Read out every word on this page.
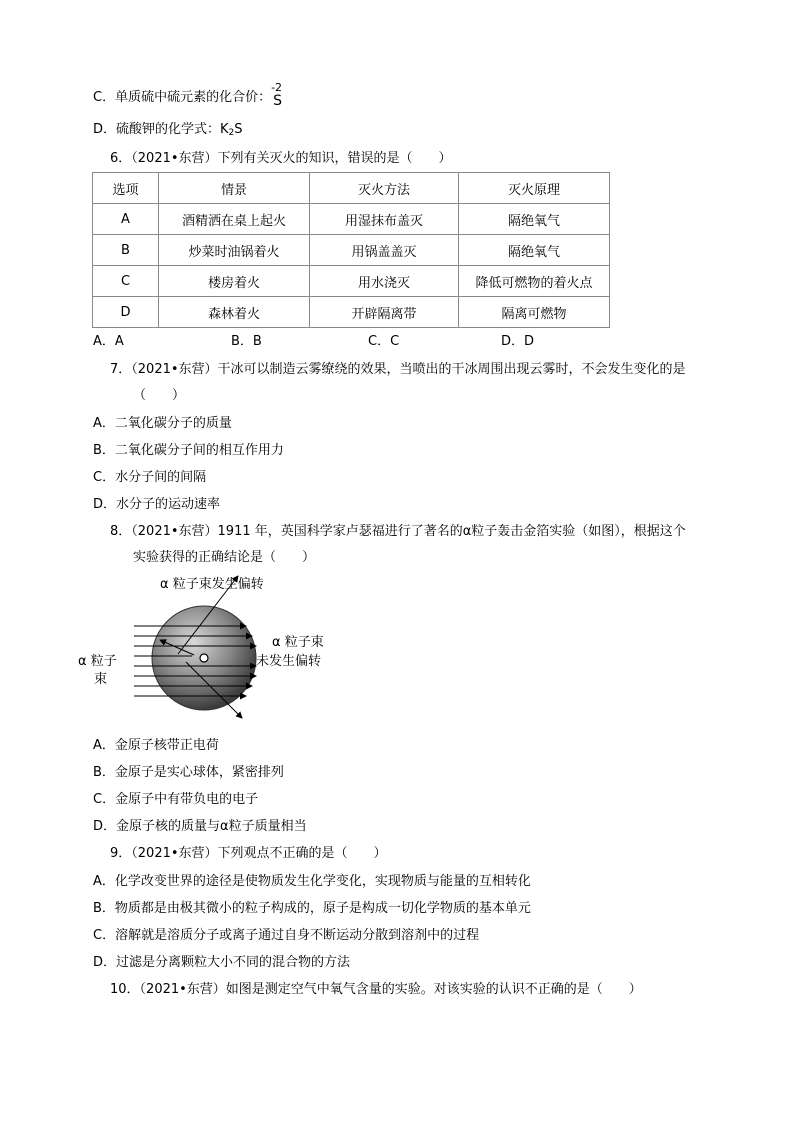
C．单质硫中硫元素的化合价：
-2
S
D．硫酸钾的化学式：$K_2S$
6．（2021•东营）下列有关灭火的知识，错误的是（　　）
选项	情景	灭火方法	灭火原理
A	酒精洒在桌上起火	用湿抹布盖灭	隔绝氧气
B	炒菜时油锅着火	用锅盖盖灭	隔绝氧气
C	楼房着火	用水浇灭	降低可燃物的着火点
D	森林着火	开辟隔离带	隔离可燃物
A．A	B．B	C．C	D．D
7．（2021•东营）干冰可以制造云雾缭绕的效果，当喷出的干冰周围出现云雾时，不会发生变化的是
（　　）
A．二氧化碳分子的质量
B．二氧化碳分子间的相互作用力
C．水分子间的间隔
D．水分子的运动速率
8．（2021•东营）1911 年，英国科学家卢瑟福进行了著名的α粒子轰击金箔实验（如图），根据这个
实验获得的正确结论是（　　）
α 粒子束发生偏转
α 粒子束
未发生偏转
α 粒子
束
A．金原子核带正电荷
B．金原子是实心球体，紧密排列
C．金原子中有带负电的电子
D．金原子核的质量与α粒子质量相当
9．（2021•东营）下列观点不正确的是（　　）
A．化学改变世界的途径是使物质发生化学变化，实现物质与能量的互相转化
B．物质都是由极其微小的粒子构成的，原子是构成一切化学物质的基本单元
C．溶解就是溶质分子或离子通过自身不断运动分散到溶剂中的过程
D．过滤是分离颗粒大小不同的混合物的方法
10．（2021•东营）如图是测定空气中氧气含量的实验。对该实验的认识不正确的是（　　）
